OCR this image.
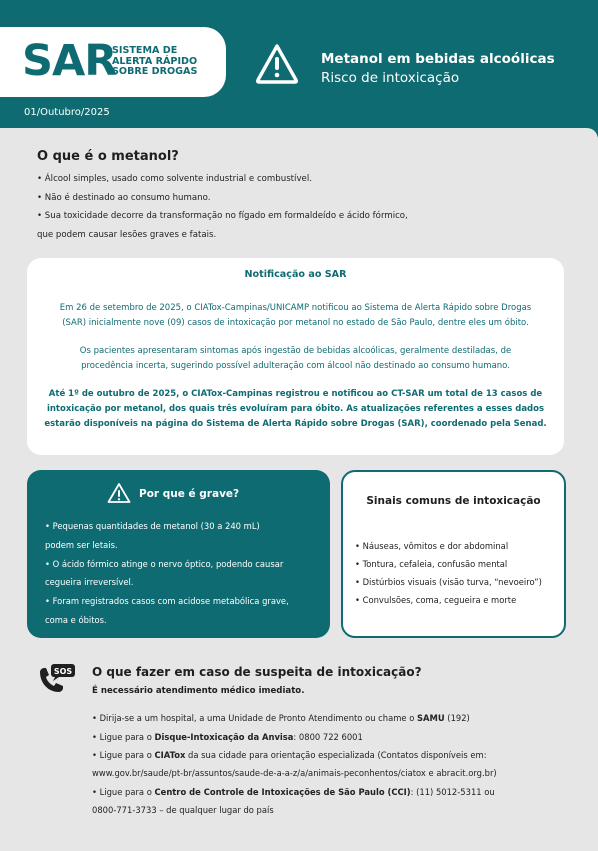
SAR
SISTEMA DE
ALERTA RÁPIDO
SOBRE DROGAS
01/Outubro/2025
Metanol em bebidas alcoólicas
Risco de intoxicação
O que é o metanol?
• Álcool simples, usado como solvente industrial e combustível.
• Não é destinado ao consumo humano.
• Sua toxicidade decorre da transformação no fígado em formaldeído e ácido fórmico,
que podem causar lesões graves e fatais.

Notificação ao SAR

Em 26 de setembro de 2025, o CIATox-Campinas/UNICAMP notificou ao Sistema de Alerta Rápido sobre Drogas

(SAR) inicialmente nove (09) casos de intoxicação por metanol no estado de São Paulo, dentre eles um óbito.

Os pacientes apresentaram sintomas após ingestão de bebidas alcoólicas, geralmente destiladas, de

procedência incerta, sugerindo possível adulteração com álcool não destinado ao consumo humano.

Até 1º de outubro de 2025, o CIATox-Campinas registrou e notificou ao CT-SAR um total de 13 casos de

intoxicação por metanol, dos quais três evoluíram para óbito. As atualizações referentes a esses dados

estarão disponíveis na página do Sistema de Alerta Rápido sobre Drogas (SAR), coordenado pela Senad.

Por que é grave?
• Pequenas quantidades de metanol (30 a 240 mL)
podem ser letais.
• O ácido fórmico atinge o nervo óptico, podendo causar
cegueira irreversível.
• Foram registrados casos com acidose metabólica grave,
coma e óbitos.
Sinais comuns de intoxicação
• Náuseas, vômitos e dor abdominal
• Tontura, cefaleia, confusão mental
• Distúrbios visuais (visão turva, “nevoeiro”)
• Convulsões, coma, cegueira e morte
SOS O que fazer em caso de suspeita de intoxicação?
É necessário atendimento médico imediato.
• Dirija-se a um hospital, a uma Unidade de Pronto Atendimento ou chame o SAMU (192)
• Ligue para o Disque-Intoxicação da Anvisa: 0800 722 6001
• Ligue para o CIATox da sua cidade para orientação especializada (Contatos disponíveis em:
www.gov.br/saude/pt-br/assuntos/saude-de-a-a-z/a/animais-peconhentos/ciatox e abracit.org.br)
• Ligue para o Centro de Controle de Intoxicações de São Paulo (CCI): (11) 5012-5311 ou
0800-771-3733 – de qualquer lugar do país
